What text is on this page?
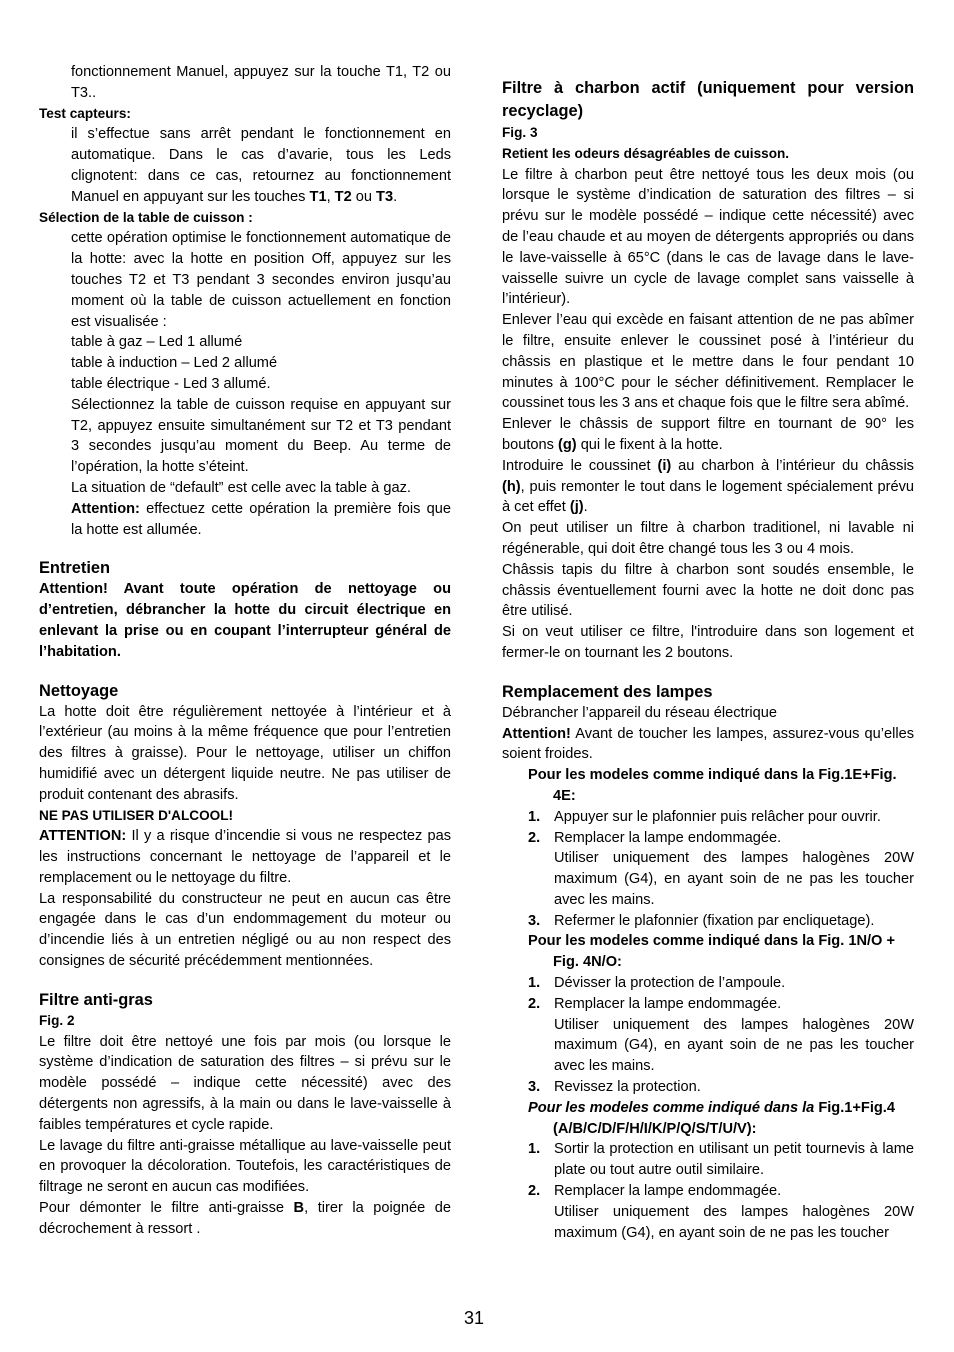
fonctionnement Manuel, appuyez sur la touche T1, T2 ou T3..

Test capteurs:

il s’effectue sans arrêt pendant le fonctionnement en automatique. Dans le cas d’avarie, tous les Leds clignotent: dans ce cas, retournez au fonctionnement Manuel en appuyant sur les touches T1, T2 ou T3.

Sélection de la table de cuisson :

cette opération optimise le fonctionnement automatique de la hotte: avec la hotte en position Off, appuyez sur les touches T2 et T3 pendant 3 secondes environ jusqu’au moment où la table de cuisson actuellement en fonction est visualisée :

table à gaz – Led 1 allumé

table à induction – Led 2 allumé

table électrique - Led 3 allumé.

Sélectionnez la table de cuisson requise en appuyant sur T2, appuyez ensuite simultanément sur T2 et T3 pendant 3 secondes jusqu’au moment du Beep. Au terme de l’opération, la hotte s’éteint.

La situation de “default” est celle avec la table à gaz.

Attention: effectuez cette opération la première fois que la hotte est allumée.

Entretien

Attention! Avant toute opération de nettoyage ou d’entretien, débrancher la hotte du circuit électrique en enlevant la prise ou en coupant l’interrupteur général de l’habitation.

Nettoyage

La hotte doit être régulièrement nettoyée à l’intérieur et à l’extérieur (au moins à la même fréquence que pour l’entretien des filtres à graisse). Pour le nettoyage, utiliser un chiffon humidifié avec un détergent liquide neutre. Ne pas utiliser de produit contenant des abrasifs.

NE PAS UTILISER D'ALCOOL!

ATTENTION: Il y a risque d’incendie si vous ne respectez pas les instructions concernant le nettoyage de l’appareil et le remplacement ou le nettoyage du filtre.

La responsabilité du constructeur ne peut en aucun cas être engagée dans le cas d’un endommagement du moteur ou d’incendie liés à un entretien négligé ou au non respect des consignes de sécurité précédemment mentionnées.

Filtre anti-gras

Fig. 2

Le filtre doit être nettoyé une fois par mois (ou lorsque le système d’indication de saturation des filtres – si prévu sur le modèle possédé – indique cette nécessité) avec des détergents non agressifs, à la main ou dans le lave-vaisselle à faibles températures et cycle rapide.

Le lavage du filtre anti-graisse métallique au lave-vaisselle peut en provoquer la décoloration. Toutefois, les caractéristiques de filtrage ne seront en aucun cas modifiées.

Pour démonter le filtre anti-graisse B, tirer la poignée de décrochement à ressort .

Filtre à charbon actif (uniquement pour version recyclage)

Fig. 3

Retient les odeurs désagréables de cuisson.

Le filtre à charbon peut être nettoyé tous les deux mois (ou lorsque le système d’indication de saturation des filtres – si prévu sur le modèle possédé – indique cette nécessité) avec de l’eau chaude et au moyen de détergents appropriés ou dans le lave-vaisselle à 65°C (dans le cas de lavage dans le lave-vaisselle suivre un cycle de lavage complet sans vaisselle à l’intérieur).

Enlever l’eau qui excède en faisant attention de ne pas abîmer le filtre, ensuite enlever le coussinet posé à l’intérieur du châssis en plastique et le mettre dans le four pendant 10 minutes à 100°C pour le sécher définitivement. Remplacer le coussinet tous les 3 ans et chaque fois que le filtre sera abîmé.

Enlever le châssis de support filtre en tournant de 90° les boutons (g) qui le fixent à la hotte.

Introduire le coussinet (i) au charbon à l’intérieur du châssis (h), puis remonter le tout dans le logement spécialement prévu à cet effet (j).

On peut utiliser un filtre à charbon traditionel, ni lavable ni régénerable, qui doit être changé tous les 3 ou 4 mois.

Châssis tapis du filtre à charbon sont soudés ensemble, le châssis éventuellement fourni avec la hotte ne doit donc pas être utilisé.

Si on veut utiliser ce filtre, l'introduire dans son logement et fermer-le on tournant les 2 boutons.

Remplacement des lampes

Débrancher l’appareil du réseau électrique

Attention! Avant de toucher les lampes, assurez-vous qu’elles soient froides.

Pour les modeles comme indiqué dans la Fig.1E+Fig.
4E:

1. Appuyer sur le plafonnier puis relâcher pour ouvrir.
2. Remplacer la lampe endommagée.
Utiliser uniquement des lampes halogènes 20W maximum (G4), en ayant soin de ne pas les toucher avec les mains.
3. Refermer le plafonnier (fixation par encliquetage).

Pour les modeles comme indiqué dans la Fig. 1N/O +
Fig. 4N/O:

1. Dévisser la protection de l’ampoule.
2. Remplacer la lampe endommagée.
Utiliser uniquement des lampes halogènes 20W maximum (G4), en ayant soin de ne pas les toucher avec les mains.
3. Revissez la protection.

Pour les modeles comme indiqué dans la Fig.1+Fig.4
(A/B/C/D/F/H/I/K/P/Q/S/T/U/V):

1. Sortir la protection en utilisant un petit tournevis à lame plate ou tout autre outil similaire.
2. Remplacer la lampe endommagée.
Utiliser uniquement des lampes halogènes 20W maximum (G4), en ayant soin de ne pas les toucher
31
